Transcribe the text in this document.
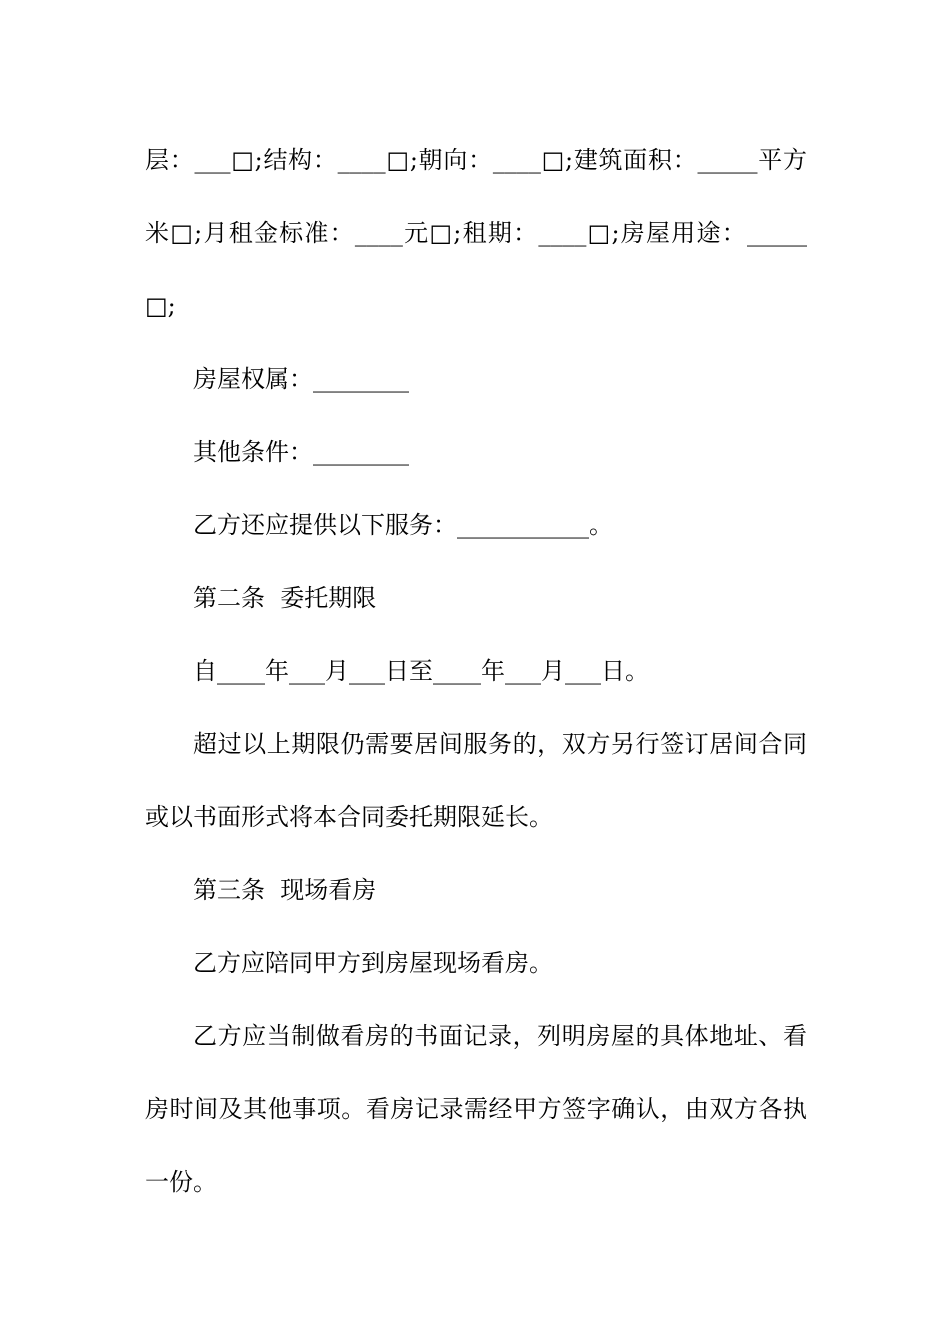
层：___□;结构：____□;朝向：____□;建筑面积：_____平方米□;月租金标准：____元□;租期：____□;房屋用途：_____□;

房屋权属：________

其他条件：________

乙方还应提供以下服务：___________。

第二条  委托期限

自____年___月___日至____年___月___日。

超过以上期限仍需要居间服务的，双方另行签订居间合同或以书面形式将本合同委托期限延长。

第三条  现场看房

乙方应陪同甲方到房屋现场看房。

乙方应当制做看房的书面记录，列明房屋的具体地址、看房时间及其他事项。看房记录需经甲方签字确认，由双方各执一份。
